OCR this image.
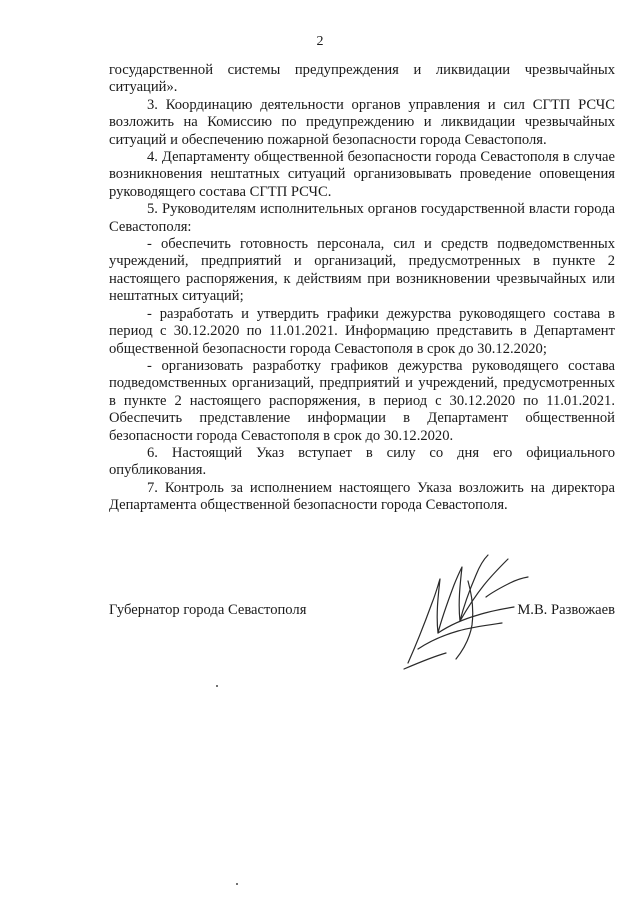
2

государственной системы предупреждения и ликвидации чрезвычайных ситуаций».

3. Координацию деятельности органов управления и сил СГТП РСЧС возложить на Комиссию по предупреждению и ликвидации чрезвычайных ситуаций и обеспечению пожарной безопасности города Севастополя.

4. Департаменту общественной безопасности города Севастополя в случае возникновения нештатных ситуаций организовывать проведение оповещения руководящего состава СГТП РСЧС.

5. Руководителям исполнительных органов государственной власти города Севастополя:

- обеспечить готовность персонала, сил и средств подведомственных учреждений, предприятий и организаций, предусмотренных в пункте 2 настоящего распоряжения, к действиям при возникновении чрезвычайных или нештатных ситуаций;

- разработать и утвердить графики дежурства руководящего состава в период с 30.12.2020 по 11.01.2021. Информацию представить в Департамент общественной безопасности города Севастополя в срок до 30.12.2020;

- организовать разработку графиков дежурства руководящего состава подведомственных организаций, предприятий и учреждений, предусмотренных в пункте 2 настоящего распоряжения, в период с 30.12.2020 по 11.01.2021. Обеспечить представление информации в Департамент общественной безопасности города Севастополя в срок до 30.12.2020.

6. Настоящий Указ вступает в силу со дня его официального опубликования.

7. Контроль за исполнением настоящего Указа возложить на директора Департамента общественной безопасности города Севастополя.

Губернатор города Севастополя	М.В. Развожаев
